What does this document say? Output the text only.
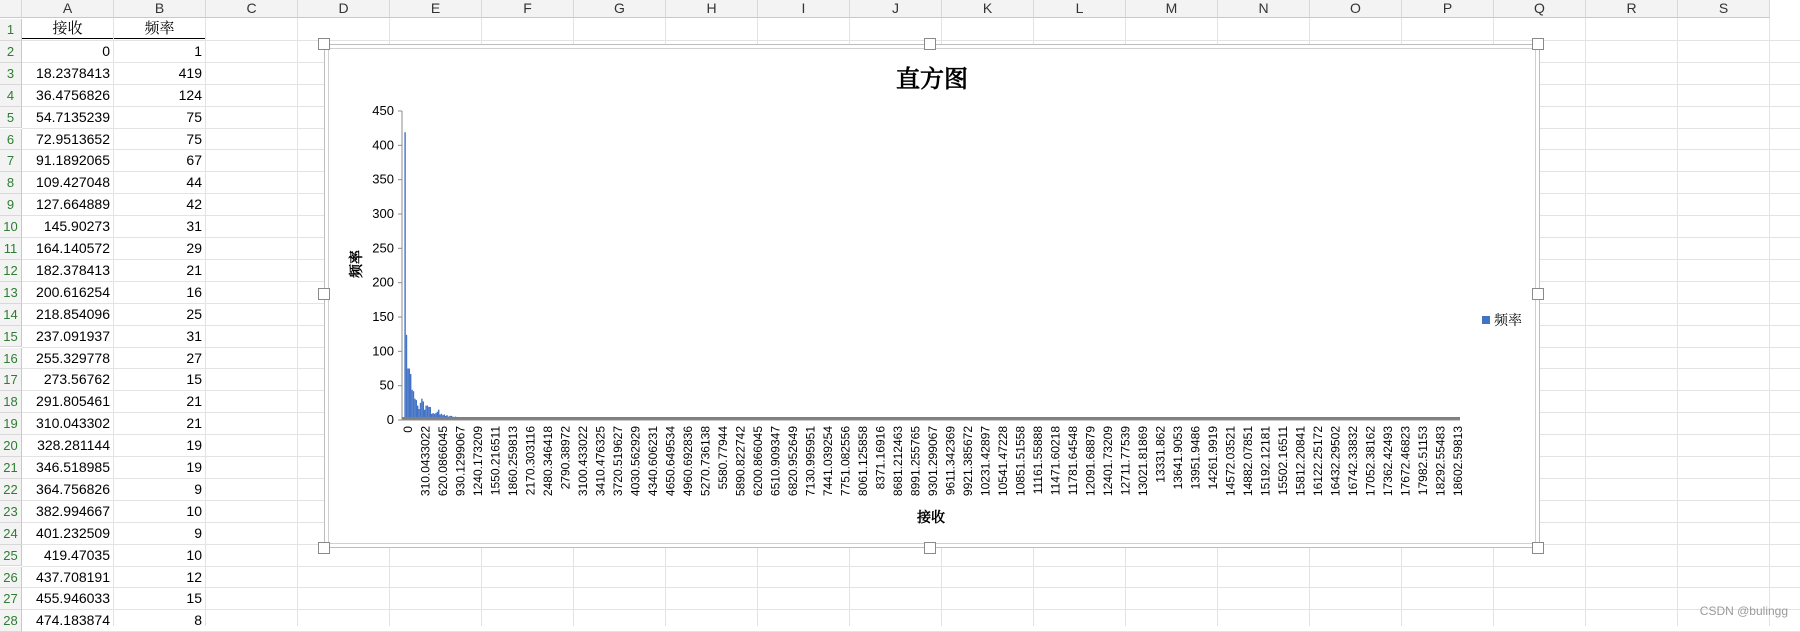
A	B	C	D	E	F	G	H	I	J	K	L	M	N	O	P	Q	R	S
1
2
3
4
5
6
7
8
9
10
11
12
13
14
15
16
17
18
19
20
21
22
23
24
25
26
27
28
接收	频率
0	1
18.2378413	419
36.4756826	124
54.7135239	75
72.9513652	75
91.1892065	67
109.427048	44
127.664889	42
145.90273	31
164.140572	29
182.378413	21
200.616254	16
218.854096	25
237.091937	31
255.329778	27
273.56762	15
291.805461	21
310.043302	21
328.281144	19
346.518985	19
364.756826	9
382.994667	10
401.232509	9
419.47035	10
437.708191	12
455.946033	15
474.183874	8
直方图
0
50
100
150
200
250
300
350
400
450
0 310.0433022 620.0866045 930.1299067 1240.173209 1550.216511 1860.259813 2170.303116 2480.346418 2790.38972 3100.433022 3410.476325 3720.519627 4030.562929 4340.606231 4650.649534 4960.692836 5270.736138 5580.77944 5890.822742 6200.866045 6510.909347 6820.952649 7130.995951 7441.039254 7751.082556 8061.125858 8371.16916 8681.212463 8991.255765 9301.299067 9611.342369 9921.385672 10231.42897 10541.47228 10851.51558 11161.55888 11471.60218 11781.64548 12091.68879 12401.73209 12711.77539 13021.81869 13331.862 13641.9053 13951.9486 14261.9919 14572.03521 14882.07851 15192.12181 15502.16511 15812.20841 16122.25172 16432.29502 16742.33832 17052.38162 17362.42493 17672.46823 17982.51153 18292.55483 18602.59813
频率
接收
频率
CSDN @bulingg
